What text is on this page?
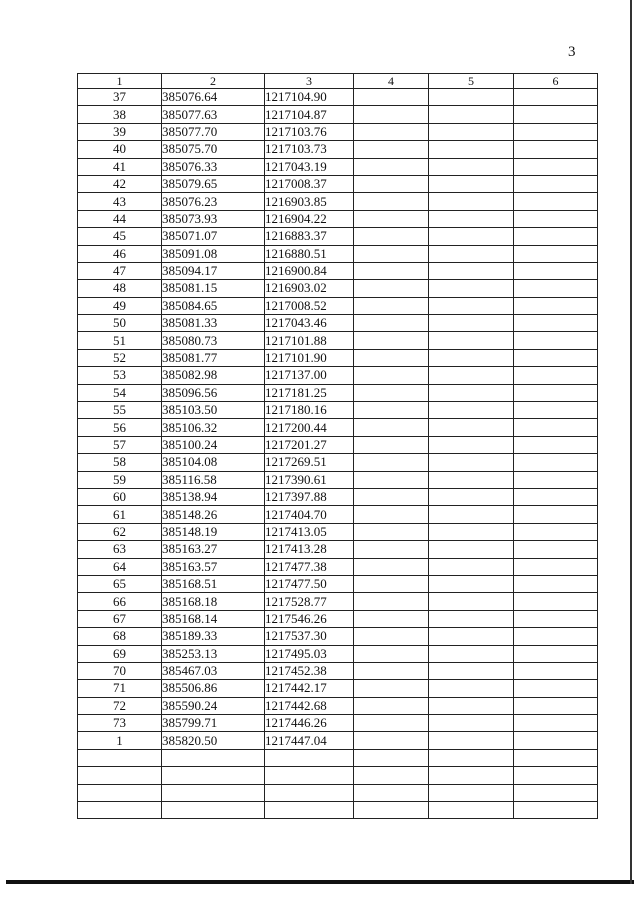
3
1	2	3	4	5	6
37	385076.64	1217104.90			
38	385077.63	1217104.87			
39	385077.70	1217103.76			
40	385075.70	1217103.73			
41	385076.33	1217043.19			
42	385079.65	1217008.37			
43	385076.23	1216903.85			
44	385073.93	1216904.22			
45	385071.07	1216883.37			
46	385091.08	1216880.51			
47	385094.17	1216900.84			
48	385081.15	1216903.02			
49	385084.65	1217008.52			
50	385081.33	1217043.46			
51	385080.73	1217101.88			
52	385081.77	1217101.90			
53	385082.98	1217137.00			
54	385096.56	1217181.25			
55	385103.50	1217180.16			
56	385106.32	1217200.44			
57	385100.24	1217201.27			
58	385104.08	1217269.51			
59	385116.58	1217390.61			
60	385138.94	1217397.88			
61	385148.26	1217404.70			
62	385148.19	1217413.05			
63	385163.27	1217413.28			
64	385163.57	1217477.38			
65	385168.51	1217477.50			
66	385168.18	1217528.77			
67	385168.14	1217546.26			
68	385189.33	1217537.30			
69	385253.13	1217495.03			
70	385467.03	1217452.38			
71	385506.86	1217442.17			
72	385590.24	1217442.68			
73	385799.71	1217446.26			
1	385820.50	1217447.04			
